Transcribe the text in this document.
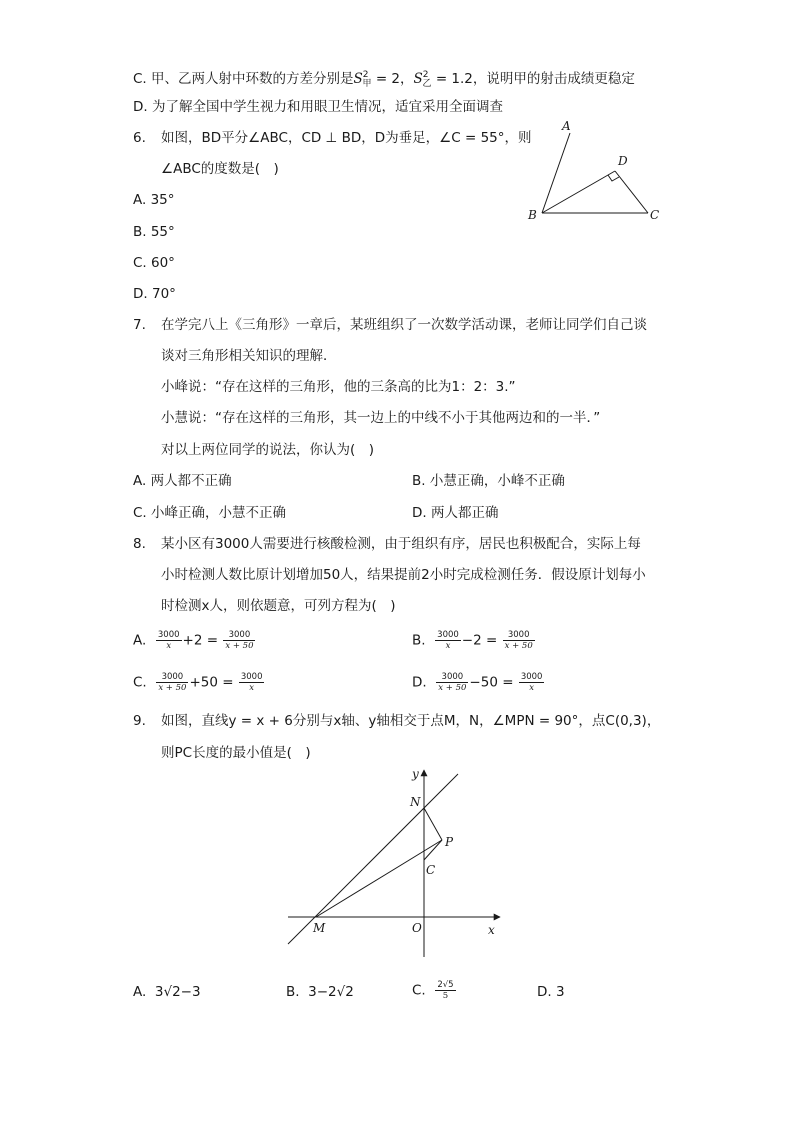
C. 甲、乙两人射中环数的方差分别是$S^2_甲 = 2$，$S^2_乙 = 1.2$，说明甲的射击成绩更稳定
D. 为了解全国中学生视力和用眼卫生情况，适宜采用全面调查
6. 如图，BD平分∠ABC，CD ⊥ BD，D为垂足，∠C = 55°，则
∠ABC的度数是(　)
A. 35°
B. 55°
C. 60°
D. 70°
A
D
B	C
7. 在学完八上《三角形》一章后，某班组织了一次数学活动课，老师让同学们自己谈
谈对三角形相关知识的理解．
小峰说：“存在这样的三角形，他的三条高的比为1：2：3.”
小慧说：“存在这样的三角形，其一边上的中线不小于其他两边和的一半．”
对以上两位同学的说法，你认为(　)
A. 两人都不正确	B. 小慧正确，小峰不正确
C. 小峰正确，小慧不正确	D. 两人都正确
8. 某小区有3000人需要进行核酸检测，由于组织有序，居民也积极配合，实际上每
小时检测人数比原计划增加50人，结果提前2小时完成检测任务．假设原计划每小
时检测x人，则依题意，可列方程为(　)
A. $\frac{3000}{x} +2 = \frac{3000}{x + 50}$	B. $\frac{3000}{x} -2 = \frac{3000}{x + 50}$
C. $\frac{3000}{x + 50} +50 = \frac{3000}{x}$	D. $\frac{3000}{x + 50} -50 = \frac{3000}{x}$
9. 如图，直线y = x + 6分别与x轴、y轴相交于点M，N，∠MPN = 90°，点C(0,3)，
则PC长度的最小值是(　)
y
N
P
C
M	O	x
A. 3√2−3	B. 3−2√2	C. $\frac{2√5}{5}$	D. 3
